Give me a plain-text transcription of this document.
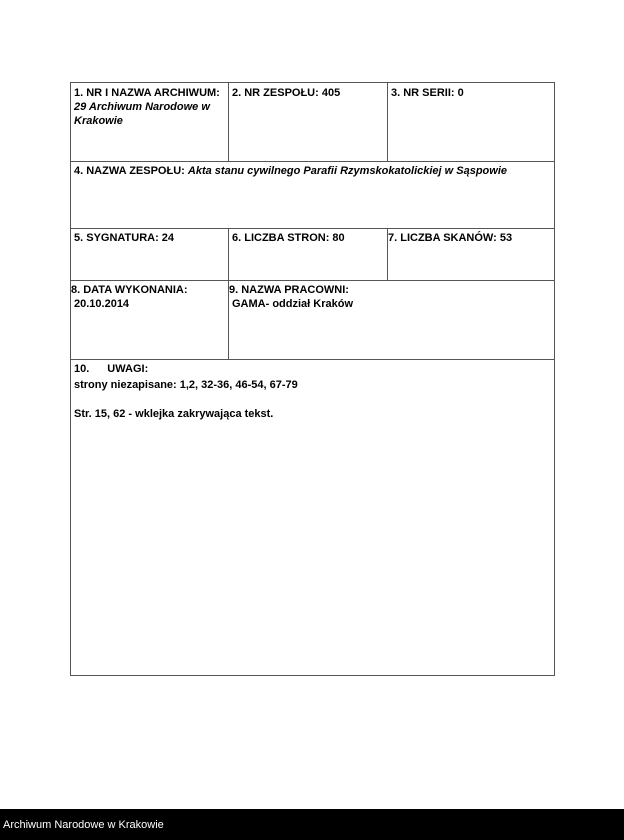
1. NR I NAZWA ARCHIWUM:
29 Archiwum Narodowe w
Krakowie
2. NR ZESPOŁU: 405	3. NR SERII: 0
4. NAZWA ZESPOŁU: Akta stanu cywilnego Parafii Rzymskokatolickiej w Sąspowie
5. SYGNATURA: 24	6. LICZBA STRON: 80	7. LICZBA SKANÓW: 53
8. DATA WYKONANIA:
20.10.2014
9. NAZWA PRACOWNI:
GAMA- oddział Kraków
10. UWAGI:
strony niezapisane: 1,2, 32-36, 46-54, 67-79
Str. 15, 62 - wklejka zakrywająca tekst.
Archiwum Narodowe w Krakowie
